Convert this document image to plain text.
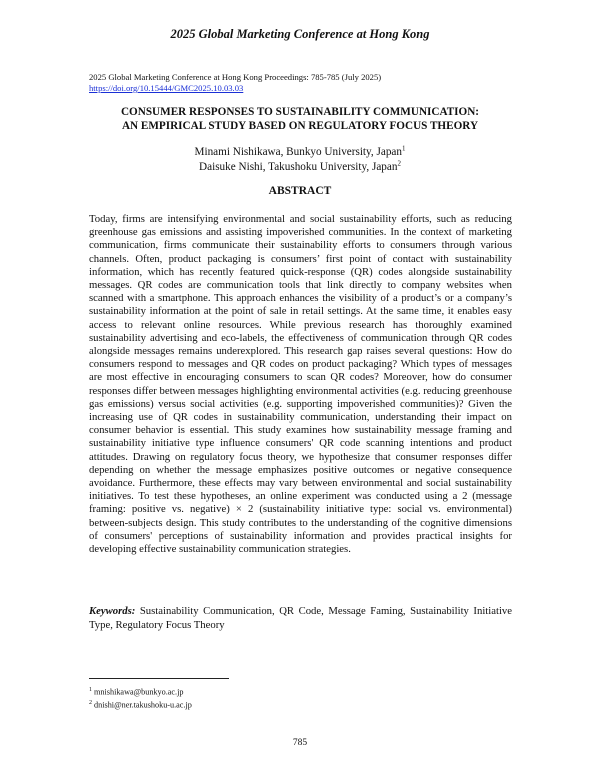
2025 Global Marketing Conference at Hong Kong
2025 Global Marketing Conference at Hong Kong Proceedings: 785-785 (July 2025)
https://doi.org/10.15444/GMC2025.10.03.03
CONSUMER RESPONSES TO SUSTAINABILITY COMMUNICATION:
AN EMPIRICAL STUDY BASED ON REGULATORY FOCUS THEORY
Minami Nishikawa, Bunkyo University, Japan$^1$
Daisuke Nishi, Takushoku University, Japan$^2$
ABSTRACT
Today, firms are intensifying environmental and social sustainability efforts, such as reducing greenhouse gas emissions and assisting impoverished communities. In the context of marketing communication, firms communicate their sustainability efforts to consumers through various channels. Often, product packaging is consumers’ first point of contact with sustainability information, which has recently featured quick-response (QR) codes alongside sustainability messages. QR codes are communication tools that link directly to company websites when scanned with a smartphone. This approach enhances the visibility of a product’s or a company’s sustainability information at the point of sale in retail settings. At the same time, it enables easy access to relevant online resources. While previous research has thoroughly examined sustainability advertising and eco-labels, the effectiveness of communication through QR codes alongside messages remains underexplored. This research gap raises several questions: How do consumers respond to messages and QR codes on product packaging? Which types of messages are most effective in encouraging consumers to scan QR codes? Moreover, how do consumer responses differ between messages highlighting environmental activities (e.g. reducing greenhouse gas emissions) versus social activities (e.g. supporting impoverished communities)? Given the increasing use of QR codes in sustainability communication, understanding their impact on consumer behavior is essential. This study examines how sustainability message framing and sustainability initiative type influence consumers' QR code scanning intentions and product attitudes. Drawing on regulatory focus theory, we hypothesize that consumer responses differ depending on whether the message emphasizes positive outcomes or negative consequence avoidance. Furthermore, these effects may vary between environmental and social sustainability initiatives. To test these hypotheses, an online experiment was conducted using a 2 (message framing: positive vs. negative) × 2 (sustainability initiative type: social vs. environmental) between-subjects design. This study contributes to the understanding of the cognitive dimensions of consumers' perceptions of sustainability information and provides practical insights for developing effective sustainability communication strategies.
Keywords: Sustainability Communication, QR Code, Message Faming, Sustainability Initiative Type, Regulatory Focus Theory
$^1$ mnishikawa@bunkyo.ac.jp
$^2$ dnishi@ner.takushoku-u.ac.jp
785
